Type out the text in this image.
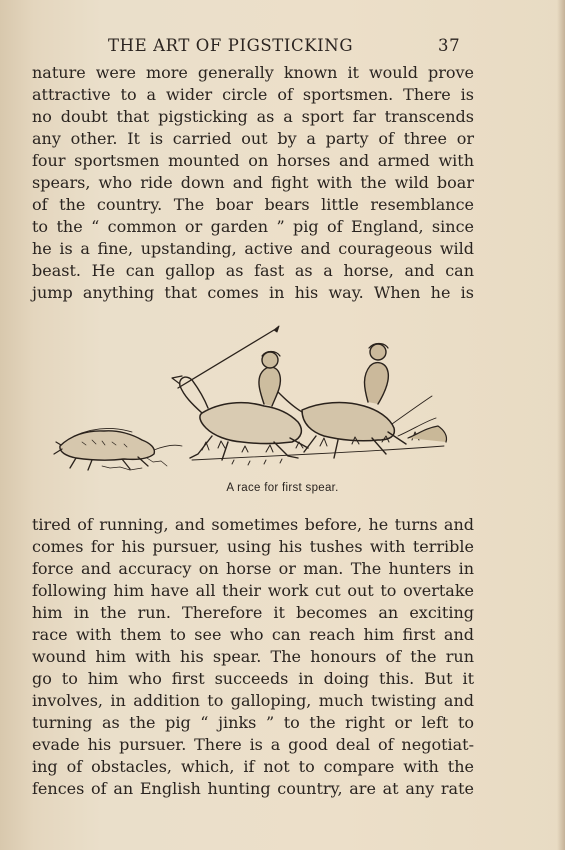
THE ART OF PIGSTICKING	37
nature were more generally known it would prove
attractive to a wider circle of sportsmen. There is
no doubt that pigsticking as a sport far transcends
any other. It is carried out by a party of three or
four sportsmen mounted on horses and armed with
spears, who ride down and fight with the wild boar
of the country. The boar bears little resemblance
to the “ common or garden ” pig of England, since
he is a fine, upstanding, active and courageous wild
beast. He can gallop as fast as a horse, and can
jump anything that comes in his way. When he is
A race for first spear.
tired of running, and sometimes before, he turns and
comes for his pursuer, using his tushes with terrible
force and accuracy on horse or man. The hunters in
following him have all their work cut out to overtake
him in the run. Therefore it becomes an exciting
race with them to see who can reach him first and
wound him with his spear. The honours of the run
go to him who first succeeds in doing this. But it
involves, in addition to galloping, much twisting and
turning as the pig “ jinks ” to the right or left to
evade his pursuer. There is a good deal of negotiat-
ing of obstacles, which, if not to compare with the
fences of an English hunting country, are at any rate
